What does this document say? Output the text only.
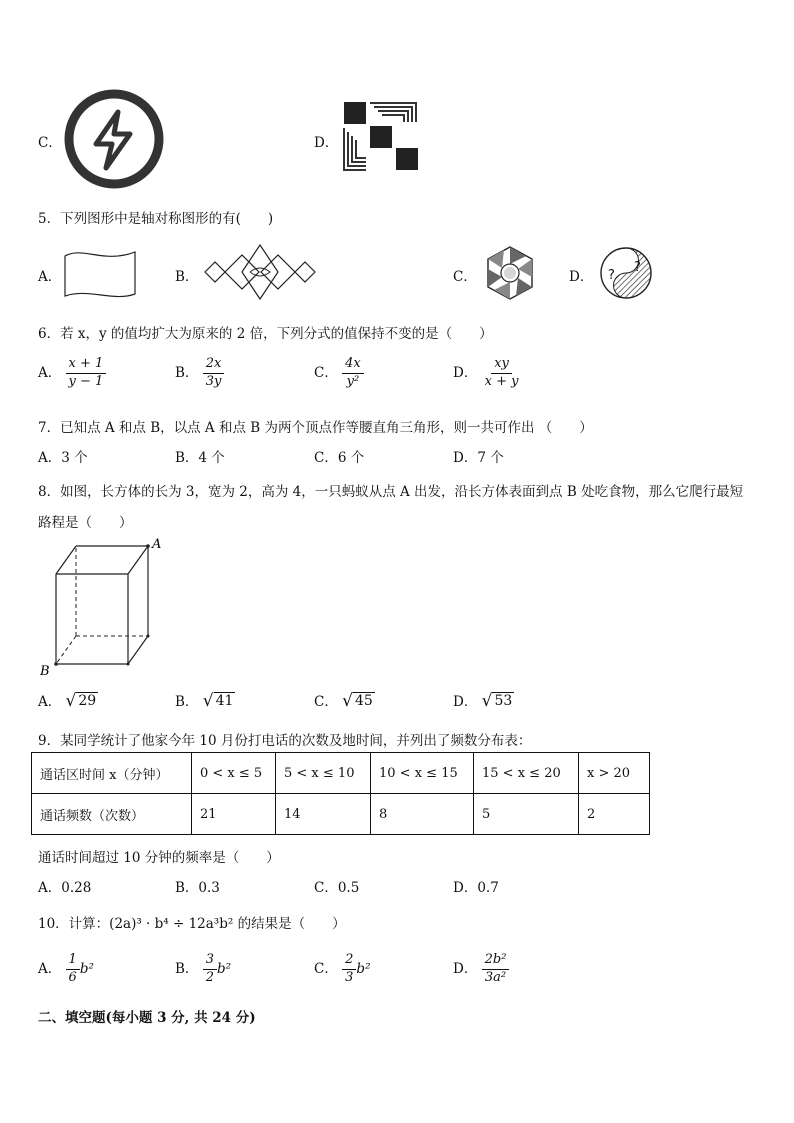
C．	D．
5．下列图形中是轴对称图形的有(　　)
A．	B．	C．	D． ?
?
6．若 x，y 的值均扩大为原来的 2 倍，下列分式的值保持不变的是（　　）
A． $\frac{x + 1}{y - 1}$	B． $\frac{2x}{3y}$	C． $\frac{4x}{\text{y²}}$	D． $\frac{xy}{x + y}$
7．已知点 A 和点 B，以点 A 和点 B 为两个顶点作等腰直角三角形，则一共可作出 （　　）
A．3 个	B．4 个	C．6 个	D．7 个
8．如图，长方体的长为 3，宽为 2，高为 4，一只蚂蚁从点 A 出发，沿长方体表面到点 B 处吃食物，那么它爬行最短
路程是（　　）
A
B
A． √ 29	B． √ 41	C． √ 45	D． √ 53
9．某同学统计了他家今年 10 月份打电话的次数及地时间，并列出了频数分布表：
通话区时间 x（分钟）	0 < x ≤ 5	5 < x ≤ 10	10 < x ≤ 15	15 < x ≤ 20	x > 20
通话频数（次数）	21	14	8	5	2
通话时间超过 10 分钟的频率是（　　）
A．0.28	B．0.3	C．0.5	D．0.7
10．计算：(2a)³ · b⁴ ÷ 12a³b² 的结果是（　　）
A． $\frac{1}{6} b^2$	B． $\frac{3}{2} b^2$	C． $\frac{2}{3} b^2$	D． $\frac{\text{2b²}}{\text{3a²}}$
二、填空题(每小题 3 分, 共 24 分)
